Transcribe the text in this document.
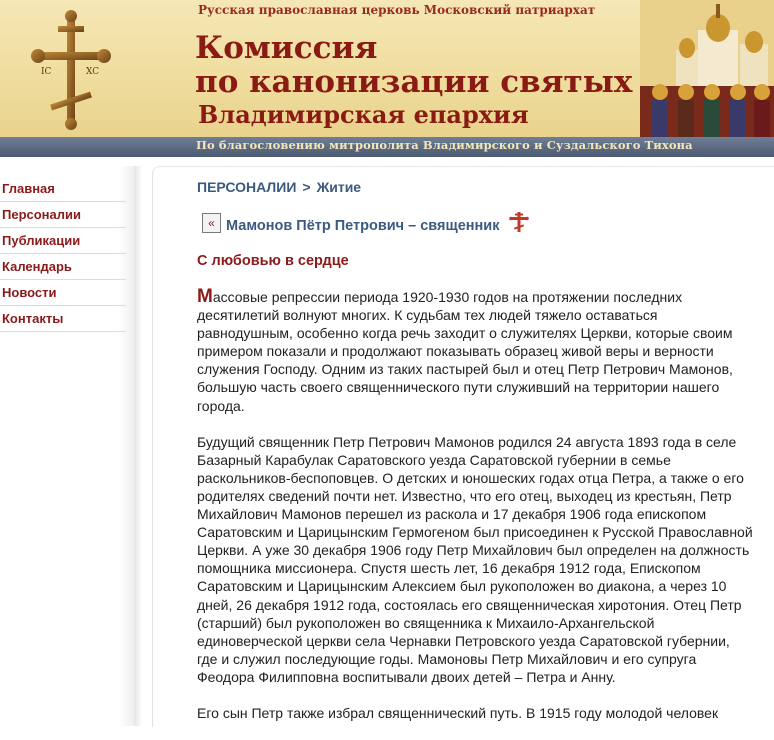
IC	XC
Русская православная церковь Московский патриархат
Комиссия
по канонизации святых
Владимирская епархия
По благословению митрополита Владимирского и Суздальского Тихона
Главная
Персоналии
Публикации
Календарь
Новости
Контакты
ПЕРСОНАЛИИ > Житие
« Мамонов Пётр Петрович – священник
С любовью в сердце

Массовые репрессии периода 1920-1930 годов на протяжении последних десятилетий волнуют многих. К судьбам тех людей тяжело оставаться равнодушным, особенно когда речь заходит о служителях Церкви, которые своим примером показали и продолжают показывать образец живой веры и верности служения Господу. Одним из таких пастырей был и отец Петр Петрович Мамонов, большую часть своего священнического пути служивший на территории нашего города.

Будущий священник Петр Петрович Мамонов родился 24 августа 1893 года в селе Базарный Карабулак Саратовского уезда Саратовской губернии в семье раскольников-беспоповцев. О детских и юношеских годах отца Петра, а также о его родителях сведений почти нет. Известно, что его отец, выходец из крестьян, Петр Михайлович Мамонов перешел из раскола и 17 декабря 1906 года епископом Саратовским и Царицынским Гермогеном был присоединен к Русской Православной Церкви. А уже 30 декабря 1906 году Петр Михайлович был определен на должность помощника миссионера. Спустя шесть лет, 16 декабря 1912 года, Епископом Саратовским и Царицынским Алексием был рукоположен во диакона, а через 10 дней, 26 декабря 1912 года, состоялась его священническая хиротония. Отец Петр (старший) был рукоположен во священника к Михаило-Архангельской единоверческой церкви села Чернавки Петровского уезда Саратовской губернии, где и служил последующие годы. Мамоновы Петр Михайлович и его супруга Феодора Филипповна воспитывали двоих детей – Петра и Анну.

Его сын Петр также избрал священнический путь. В 1915 году молодой человек
